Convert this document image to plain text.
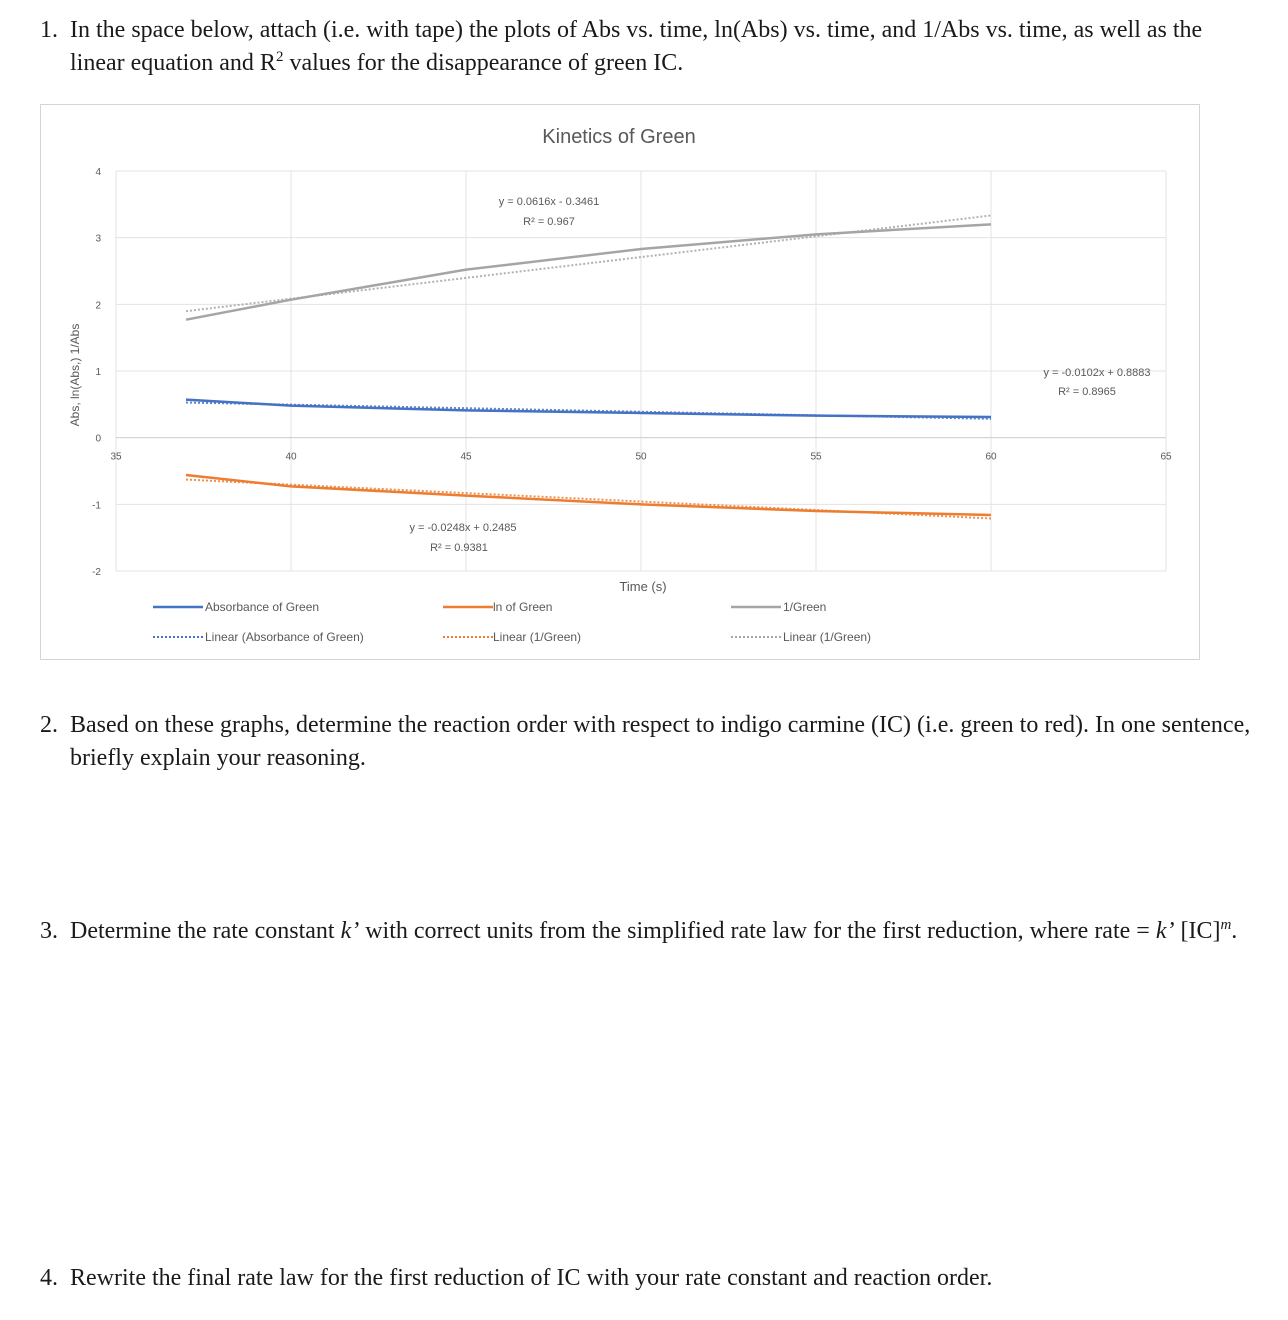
1. In the space below, attach (i.e. with tape) the plots of Abs vs. time, ln(Abs) vs. time, and 1/Abs vs. time, as well as the linear equation and $R^2$ values for the disappearance of green IC.
4
3
2
1
0
-1
-2
35	40	45	50	55	60	65
Kinetics of Green
Abs, ln(Abs,) 1/Abs
Time (s)
y = -0.0102x + 0.8883
R² = 0.8965
y = -0.0248x + 0.2485
R² = 0.9381
y = 0.0616x - 0.3461
R² = 0.967
Absorbance of Green	ln of Green	1/Green
Linear (Absorbance of Green)	Linear (1/Green)	Linear (1/Green)
2. Based on these graphs, determine the reaction order with respect to indigo carmine (IC) (i.e. green to red). In one sentence, briefly explain your reasoning.
3. Determine the rate constant k’ with correct units from the simplified rate law for the first reduction, where rate = k’ [IC]$^m$.
4. Rewrite the final rate law for the first reduction of IC with your rate constant and reaction order.
